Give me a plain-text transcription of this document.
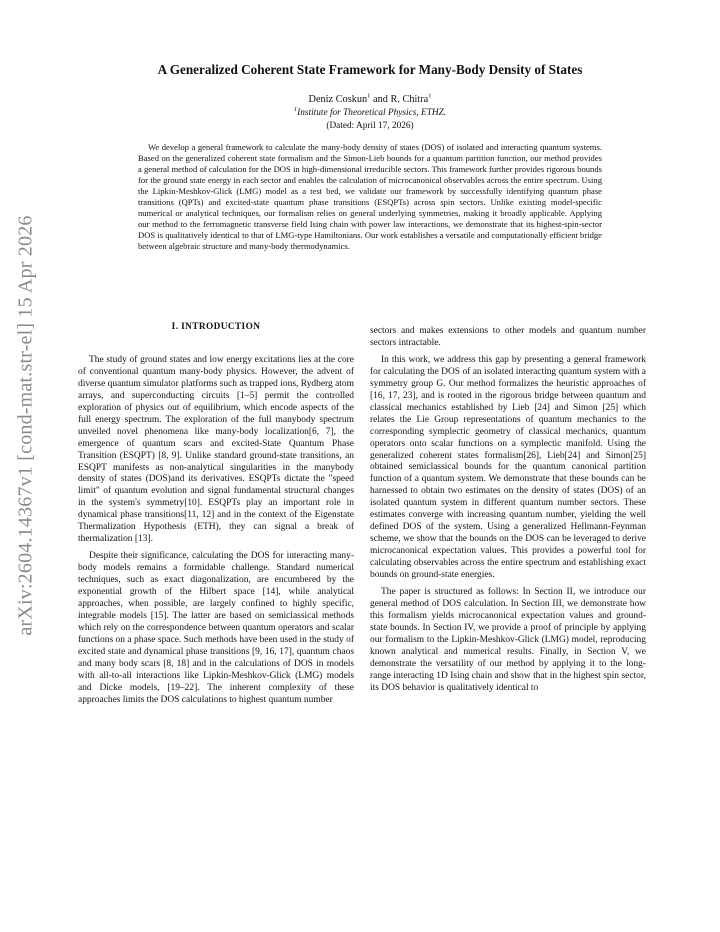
arXiv:2604.14367v1 [cond-mat.str-el] 15 Apr 2026
A Generalized Coherent State Framework for Many-Body Density of States
Deniz Coskun$^1$ and R. Chitra$^1$
$^1$Institute for Theoretical Physics, ETHZ.
(Dated: April 17, 2026)

We develop a general framework to calculate the many-body density of states (DOS) of isolated and interacting quantum systems. Based on the generalized coherent state formalism and the Simon-Lieb bounds for a quantum partition function, our method provides a general method of calculation for the DOS in high-dimensional irreducible sectors. This framework further provides rigorous bounds for the ground state energy in each sector and enables the calculation of microcanonical observables across the entire spectrum. Using the Lipkin-Meshkov-Glick (LMG) model as a test bed, we validate our framework by successfully identifying quantum phase transitions (QPTs) and excited-state quantum phase transitions (ESQPTs) across spin sectors. Unlike existing model-specific numerical or analytical techniques, our formalism relies on general underlying symmetries, making it broadly applicable. Applying our method to the ferromagnetic transverse field Ising chain with power law interactions, we demonstrate that its highest-spin-sector DOS is qualitatively identical to that of LMG-type Hamiltonians. Our work establishes a versatile and computationally efficient bridge between algebraic structure and many-body thermodynamics.

I. INTRODUCTION

The study of ground states and low energy excitations lies at the core of conventional quantum many-body physics. However, the advent of diverse quantum simulator platforms such as trapped ions, Rydberg atom arrays, and superconducting circuits [1–5] permit the controlled exploration of physics out of equilibrium, which encode aspects of the full energy spectrum. The exploration of the full manybody spectrum unveiled novel phenomena like many-body localization[6, 7], the emergence of quantum scars and excited-State Quantum Phase Transition (ESQPT) [8, 9]. Unlike standard ground-state transitions, an ESQPT manifests as non-analytical singularities in the manybody density of states (DOS)and its derivatives. ESQPTs dictate the "speed limit" of quantum evolution and signal fundamental structural changes in the system's symmetry[10]. ESQPTs play an important role in dynamical phase transitions[11, 12] and in the context of the Eigenstate Thermalization Hypothesis (ETH), they can signal a break of thermalization [13].

Despite their significance, calculating the DOS for interacting many-body models remains a formidable challenge. Standard numerical techniques, such as exact diagonalization, are encumbered by the exponential growth of the Hilbert space [14], while analytical approaches, when possible, are largely confined to highly specific, integrable models [15]. The latter are based on semiclassical methods which rely on the correspondence between quantum operators and scalar functions on a phase space. Such methods have been used in the study of excited state and dynamical phase transitions [9, 16, 17], quantum chaos and many body scars [8, 18] and in the calculations of DOS in models with all-to-all interactions like Lipkin-Meshkov-Glick (LMG) models and Dicke models, [19–22]. The inherent complexity of these approaches limits the DOS calculations to highest quantum number

sectors and makes extensions to other models and quantum number sectors intractable.

In this work, we address this gap by presenting a general framework for calculating the DOS of an isolated interacting quantum system with a symmetry group G. Our method formalizes the heuristic approaches of [16, 17, 23], and is rooted in the rigorous bridge between quantum and classical mechanics established by Lieb [24] and Simon [25] which relates the Lie Group representations of quantum mechanics to the corresponding symplectic geometry of classical mechanics, quantum operators onto scalar functions on a symplectic manifold. Using the generalized coherent states formalism[26], Lieb[24] and Simon[25] obtained semiclassical bounds for the quantum canonical partition function of a quantum system. We demonstrate that these bounds can be harnessed to obtain two estimates on the density of states (DOS) of an isolated quantum system in different quantum number sectors. These estimates converge with increasing quantum number, yielding the well defined DOS of the system. Using a generalized Hellmann-Feynman scheme, we show that the bounds on the DOS can be leveraged to derive microcanonical expectation values. This provides a powerful tool for calculating observables across the entire spectrum and establishing exact bounds on ground-state energies.

The paper is structured as follows: In Section II, we introduce our general method of DOS calculation. In Section III, we demonstrate how this formalism yields microcanonical expectation values and ground-state bounds. In Section IV, we provide a proof of principle by applying our formalism to the Lipkin-Meshkov-Glick (LMG) model, reproducing known analytical and numerical results. Finally, in Section V, we demonstrate the versatility of our method by applying it to the long-range interacting 1D Ising chain and show that in the highest spin sector, its DOS behavior is qualitatively identical to
